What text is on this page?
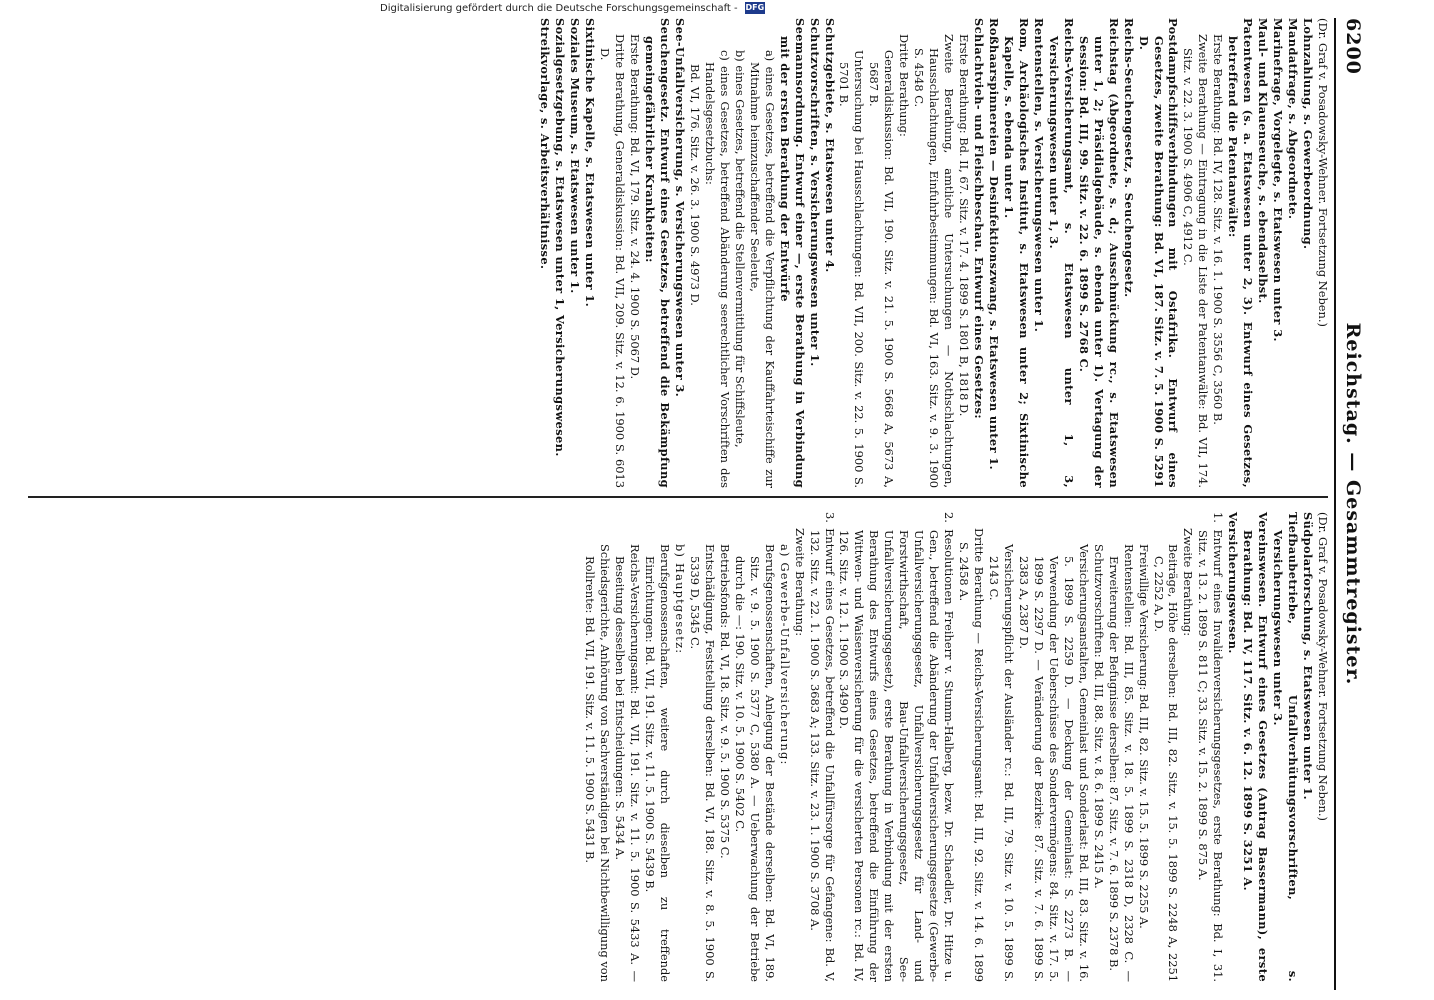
6200
Reichstag. — Gesammtregister.

(Dr. Graf v. Posadowsky-Wehner. Fortsetzung Neben.)

Lohnzahlung, s. Gewerbeordnung.

Mandatfrage, s. Abgeordnete.

Marinefrage, Vorgelegte, s. Etatswesen unter 3.

Maul- und Klauenseuche, s. ebendaselbst.

Patentwesen (s. a. Etatswesen unter 2, 3). Entwurf eines Gesetzes, betreffend die Patentanwälte:

Erste Berathung: Bd. IV, 128. Sitz. v. 16. 1. 1900 S. 3556 C, 3560 B.

Zweite Berathung — Eintragung in die Liste der Patentanwälte: Bd. VII, 174. Sitz. v. 22. 3. 1900 S. 4906 C, 4912 C.

Postdampfschiffsverbindungen mit Ostafrika. Entwurf eines Gesetzes, zweite Berathung: Bd. VI, 187. Sitz. v. 7. 5. 1900 S. 5291 D.

Reichs-Seuchengesetz, s. Seuchengesetz.

Reichstag (Abgeordnete, s. d.; Ausschmückung rc., s. Etatswesen unter 1, 2; Präsidialgebäude, s. ebenda unter 1). Vertagung der Session: Bd. III, 99. Sitz. v. 22. 6. 1899 S. 2768 C.

Reichs-Versicherungsamt, s. Etatswesen unter 1, 3, Versicherungswesen unter 1, 3.

Rentenstellen, s. Versicherungswesen unter 1.

Rom, Archäologisches Institut, s. Etatswesen unter 2; Sixtinische Kapelle, s. ebenda unter 1.

Roßhaarspinnereien — Desinfektionszwang, s. Etatswesen unter 1.

Schlachtvieh- und Fleischbeschau. Entwurf eines Gesetzes:

Erste Berathung: Bd. II, 67. Sitz. v. 17. 4. 1899 S. 1801 B, 1818 D.

Zweite Berathung, amtliche Untersuchungen — Nothschlachtungen, Hausschlachtungen, Einfuhrbestimmungen: Bd. VI, 163. Sitz. v. 9. 3. 1900 S. 4548 C.

Dritte Berathung:

Generaldiskussion: Bd. VII, 190. Sitz. v. 21. 5. 1900 S. 5668 A, 5673 A, 5687 B.

Untersuchung bei Hausschlachtungen: Bd. VII, 200. Sitz. v. 22. 5. 1900 S. 5701 B.

Schutzgebiete, s. Etatswesen unter 4.

Schutzvorschriften, s. Versicherungswesen unter 1.

Seemannsordnung. Entwurf einer —, erste Berathung in Verbindung mit der ersten Berathung der Entwürfe

a) eines Gesetzes, betreffend die Verpflichtung der Kauffahrteischiffe zur Mitnahme heimzuschaffender Seeleute,

b) eines Gesetzes, betreffend die Stellenvermittlung für Schiffsleute,

c) eines Gesetzes, betreffend Abänderung seerechtlicher Vorschriften des Handelsgesetzbuchs:

Bd. VI, 176. Sitz. v. 26. 3. 1900 S. 4973 D.

See-Unfallversicherung, s. Versicherungswesen unter 3.

Seuchengesetz. Entwurf eines Gesetzes, betreffend die Bekämpfung gemeingefährlicher Krankheiten:

Erste Berathung: Bd. VI, 179. Sitz. v. 24. 4. 1900 S. 5067 D.

Dritte Berathung, Generaldiskussion: Bd. VII, 209. Sitz. v. 12. 6. 1900 S. 6013 D.

Sixtinische Kapelle, s. Etatswesen unter 1.

Soziales Museum, s. Etatswesen unter 1.

Sozialgesetzgebung, s. Etatswesen unter 1, Versicherungswesen.

Streikvorlage, s. Arbeitsverhältnisse.

(Dr. Graf v. Posadowsky-Wehner. Fortsetzung Neben.)

Südpolarforschung, s. Etatswesen unter 1.

Tiefbaubetriebe, Unfallverhütungsvorschriften, s. Versicherungswesen unter 3.

Vereinswesen. Entwurf eines Gesetzes (Antrag Bassermann), erste Berathung: Bd. IV, 117. Sitz. v. 6. 12. 1899 S. 3251 A.

Versicherungswesen.

1. Entwurf eines Invalidenversicherungsgesetzes, erste Berathung: Bd. I, 31. Sitz. v. 13. 2. 1899 S. 811 C; 33. Sitz. v. 15. 2. 1899 S. 875 A.

Zweite Berathung:

Beiträge, Höhe derselben: Bd. III, 82. Sitz. v. 15. 5. 1899 S. 2248 A, 2251 C, 2252 A, D.

Freiwillige Versicherung: Bd. III, 82. Sitz. v. 15. 5. 1899 S. 2255 A.

Rentenstellen: Bd. III, 85. Sitz. v. 18. 5. 1899 S. 2318 D, 2328 C. — Erweiterung der Befugnisse derselben: 87. Sitz. v. 7. 6. 1899 S. 2378 B.

Schutzvorschriften: Bd. III, 88. Sitz. v. 8. 6. 1899 S. 2415 A.

Versicherungsanstalten, Gemeinlast und Sonderlast: Bd. III, 83. Sitz. v. 16. 5. 1899 S. 2259 D. — Deckung der Gemeinlast: S. 2273 B. — Verwendung der Ueberschüsse des Sondervermögens: 84. Sitz. v. 17. 5. 1899 S. 2297 D. — Veränderung der Bezirke: 87. Sitz. v. 7. 6. 1899 S. 2383 A, 2387 D.

Versicherungspflicht der Ausländer rc.: Bd. III, 79. Sitz. v. 10. 5. 1899 S. 2143 C.

Dritte Berathung — Reichs-Versicherungsamt: Bd. III, 92. Sitz. v. 14. 6. 1899 S. 2458 A.

2. Resolutionen Freiherr v. Stumm-Halberg, bezw. Dr. Schaedler, Dr. Hitze u. Gen., betreffend die Abänderung der Unfallversicherungsgesetze (Gewerbe-Unfallversicherungsgesetz, Unfallversicherungsgesetz für Land- und Forstwirthschaft, Bau-Unfallversicherungsgesetz, See-Unfallversicherungsgesetz), erste Berathung in Verbindung mit der ersten Berathung des Entwurfs eines Gesetzes, betreffend die Einführung der Wittwen- und Waisenversicherung für die versicherten Personen rc.: Bd. IV, 126. Sitz. v. 12. 1. 1900 S. 3490 D.

3. Entwurf eines Gesetzes, betreffend die Unfallfürsorge für Gefangene: Bd. V, 132. Sitz. v. 22. 1. 1900 S. 3683 A; 133. Sitz. v. 23. 1. 1900 S. 3708 A.

Zweite Berathung:

a) Gewerbe-Unfallversicherung:

Berufsgenossenschaften, Anlegung der Bestände derselben: Bd. VI, 189. Sitz. v. 9. 5. 1900 S. 5377 C, 5380 A. — Ueberwachung der Betriebe durch die —: 190. Sitz. v. 10. 5. 1900 S. 5402 C.

Betriebsfonds: Bd. VI, 18. Sitz. v. 9. 5. 1900 S. 5375 C.

Entschädigung, Feststellung derselben: Bd. VI, 188. Sitz. v. 8. 5. 1900 S. 5339 D, 5345 C.

b) Hauptgesetz:

Berufsgenossenschaften, weitere durch dieselben zu treffende Einrichtungen: Bd. VII, 191. Sitz. v. 11. 5. 1900 S. 5439 B.

Reichs-Versicherungsamt: Bd. VII, 191. Sitz. v. 11. 5. 1900 S. 5433 A. — Beseitung desselben bei Entscheidungen: S. 5434 A.

Schiedsgerichte, Anhörung von Sachverständigen bei Nichtbewilligung von Rollrente: Bd. VII, 191. Sitz. v. 11. 5. 1900 S. 5431 B.

Digitalisierung gefördert durch die Deutsche Forschungsgemeinschaft - DFG
